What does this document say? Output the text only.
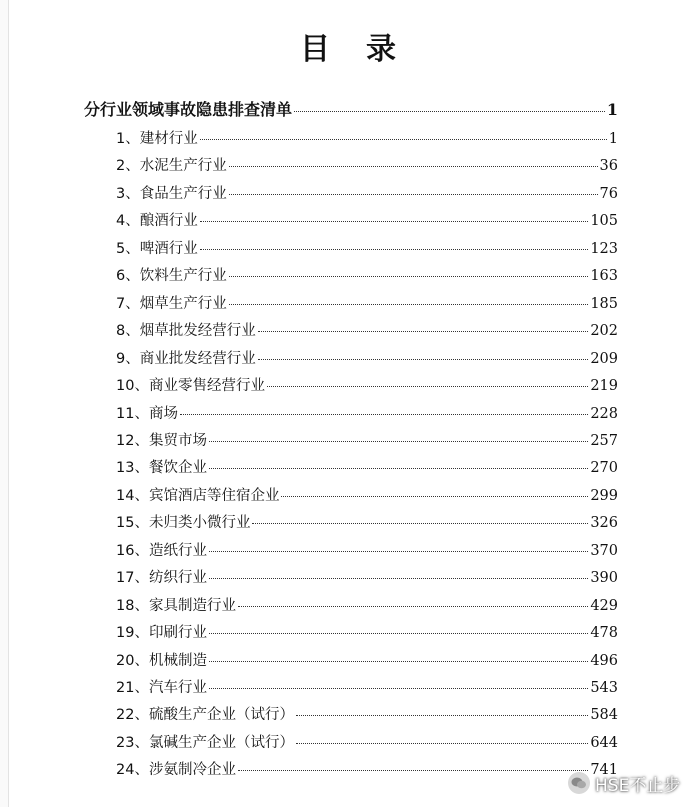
目 录
分行业领域事故隐患排查清单	1
1、建材行业	1
2、水泥生产行业	36
3、食品生产行业	76
4、酿酒行业	105
5、啤酒行业	123
6、饮料生产行业	163
7、烟草生产行业	185
8、烟草批发经营行业	202
9、商业批发经营行业	209
10、商业零售经营行业	219
11、商场	228
12、集贸市场	257
13、餐饮企业	270
14、宾馆酒店等住宿企业	299
15、未归类小微行业	326
16、造纸行业	370
17、纺织行业	390
18、家具制造行业	429
19、印刷行业	478
20、机械制造	496
21、汽车行业	543
22、硫酸生产企业（试行）	584
23、氯碱生产企业（试行）	644
24、涉氨制冷企业	741
HSE不止步
